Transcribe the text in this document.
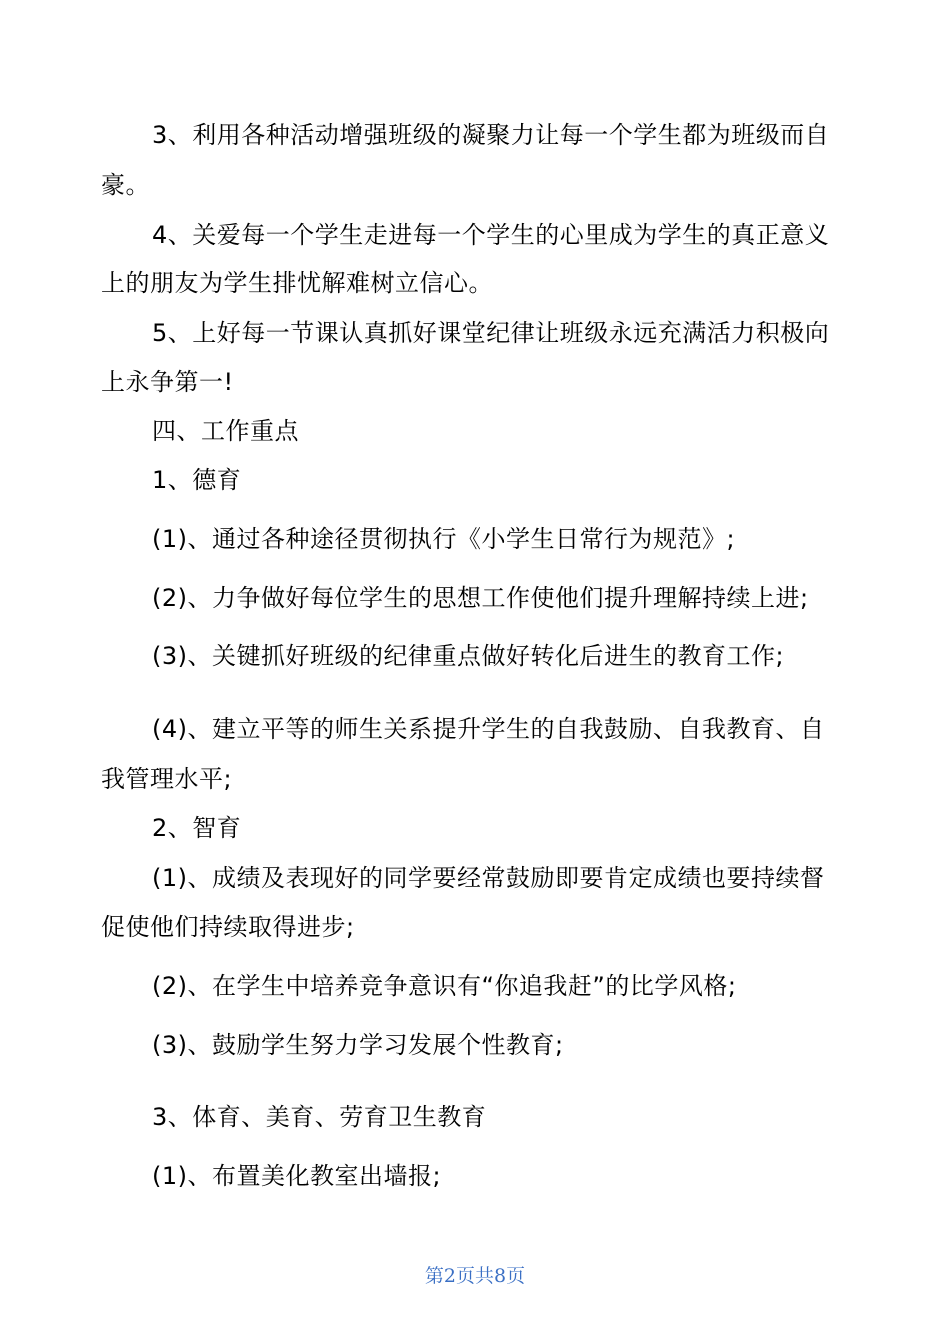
3、利用各种活动增强班级的凝聚力让每一个学生都为班级而自
豪。
4、关爱每一个学生走进每一个学生的心里成为学生的真正意义
上的朋友为学生排忧解难树立信心。
5、上好每一节课认真抓好课堂纪律让班级永远充满活力积极向
上永争第一!
四、工作重点
1、德育
(1)、通过各种途径贯彻执行《小学生日常行为规范》;
(2)、力争做好每位学生的思想工作使他们提升理解持续上进;
(3)、关键抓好班级的纪律重点做好转化后进生的教育工作;
(4)、建立平等的师生关系提升学生的自我鼓励、自我教育、自
我管理水平;
2、智育
(1)、成绩及表现好的同学要经常鼓励即要肯定成绩也要持续督
促使他们持续取得进步;
(2)、在学生中培养竞争意识有“你追我赶”的比学风格;
(3)、鼓励学生努力学习发展个性教育;
3、体育、美育、劳育卫生教育
(1)、布置美化教室出墙报;
第2页共8页
